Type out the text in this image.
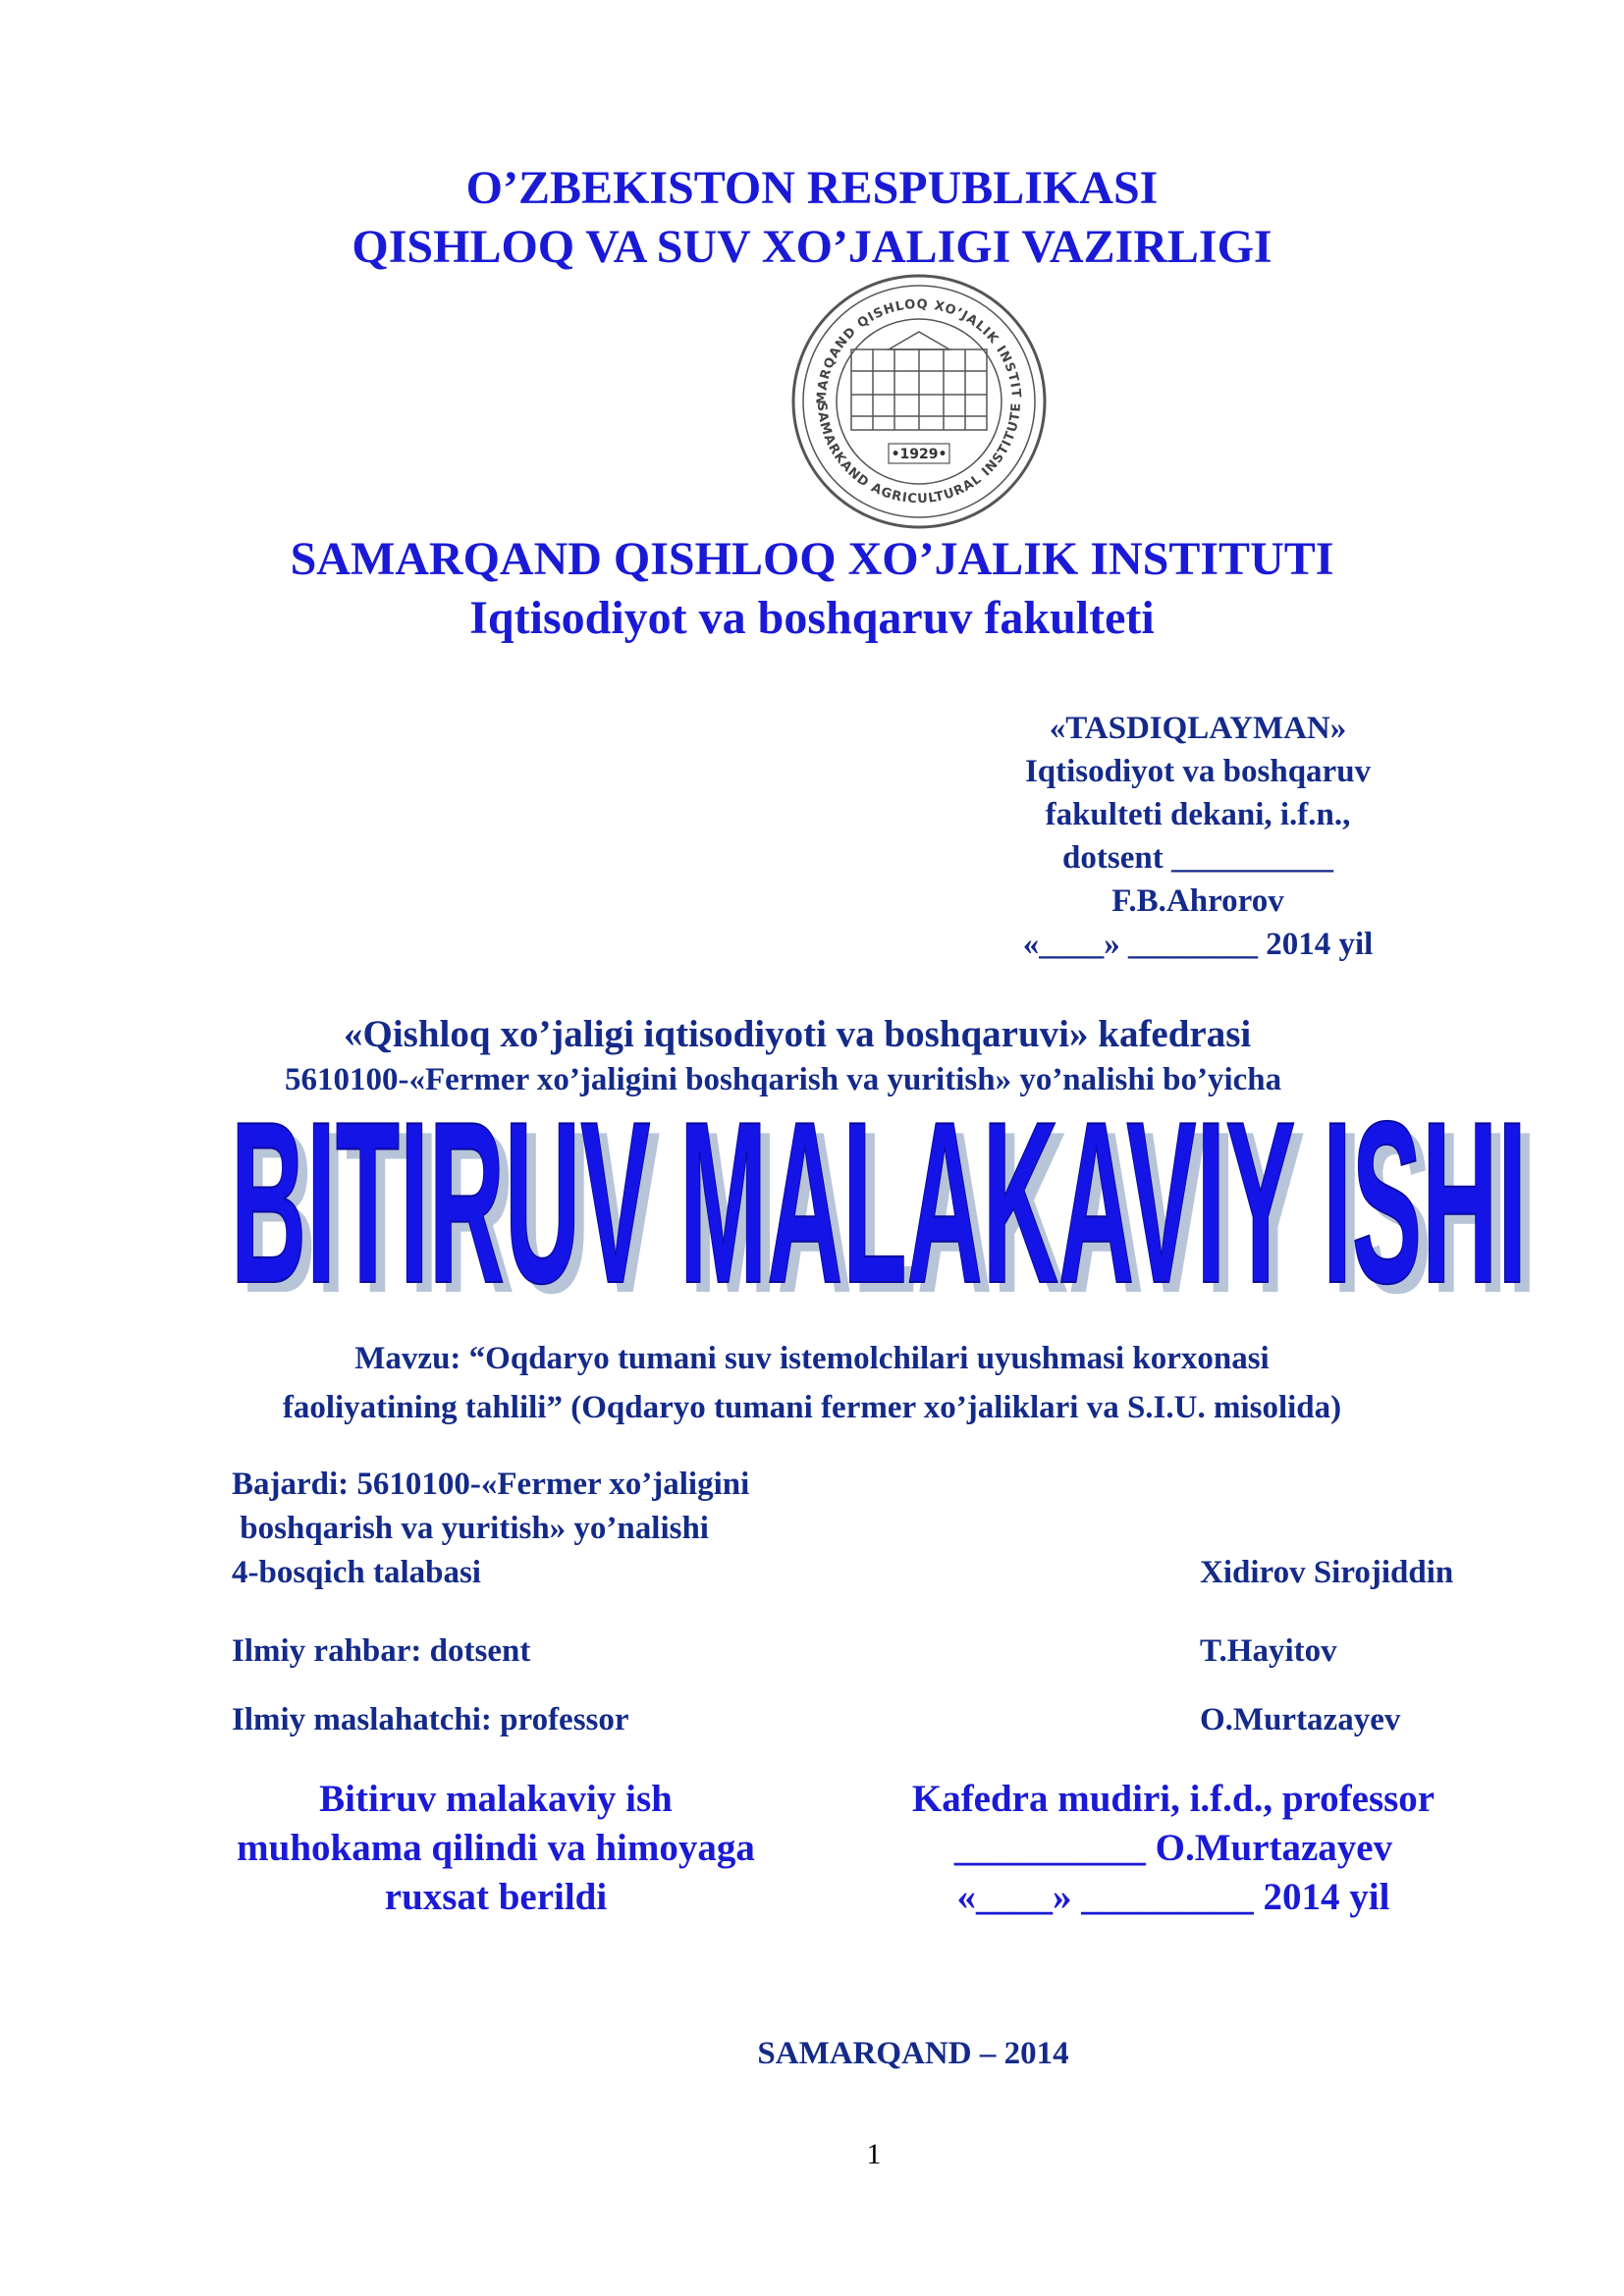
O’ZBEKISTON RESPUBLIKASI
QISHLOQ VA SUV XO’JALIGI VAZIRLIGI
MARQAND QISHLOQ XO’JALIK INSTIT
SAMARKAND AGRICULTURAL INSTITUTE
•1929•
SAMARQAND QISHLOQ XO’JALIK INSTITUTI
Iqtisodiyot va boshqaruv fakulteti
«TASDIQLAYMAN»
Iqtisodiyot va boshqaruv
fakulteti dekani, i.f.n.,
dotsent __________
F.B.Ahrorov
«____» ________ 2014 yil
«Qishloq xo’jaligi iqtisodiyoti va boshqaruvi» kafedrasi
5610100-«Fermer xo’jaligini boshqarish va yuritish» yo’nalishi bo’yicha
BITIRUV MALAKAVIY ISHI
BITIRUV MALAKAVIY ISHI
Mavzu: “Oqdaryo tumani suv istemolchilari uyushmasi korxonasi
faoliyatining tahlili” (Oqdaryo tumani fermer xo’jaliklari va S.I.U. misolida)
Bajardi: 5610100-«Fermer xo’jaligini
boshqarish va yuritish» yo’nalishi
4-bosqich talabasi	Xidirov Sirojiddin
Ilmiy rahbar: dotsent	T.Hayitov
Ilmiy maslahatchi: professor	O.Murtazayev
Bitiruv malakaviy ish
muhokama qilindi va himoyaga
ruxsat berildi
Kafedra mudiri, i.f.d., professor
__________ O.Murtazayev
«____» _________ 2014 yil
SAMARQAND – 2014
1
